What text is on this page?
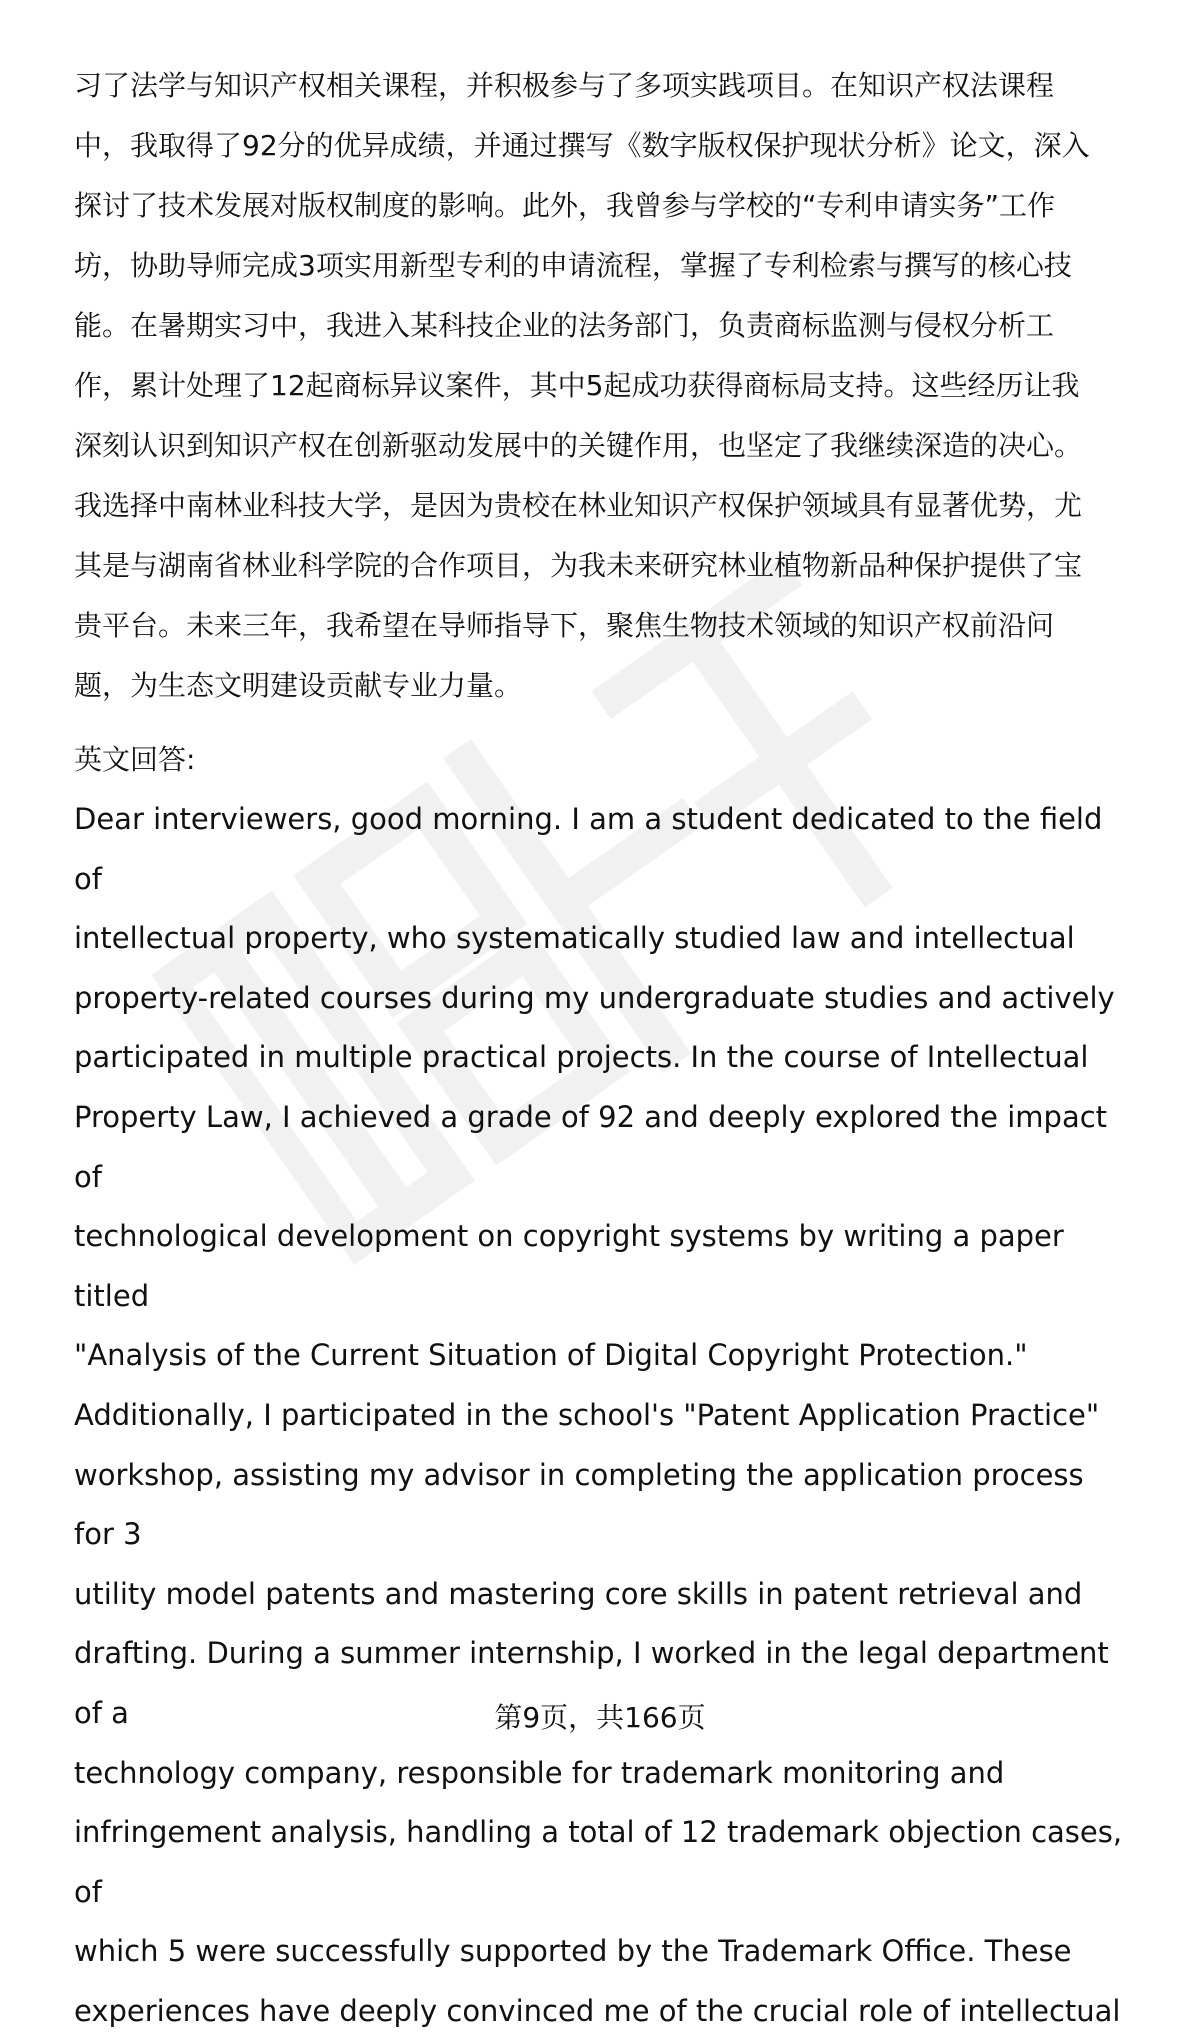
习了法学与知识产权相关课程，并积极参与了多项实践项目。在知识产权法课程
中，我取得了92分的优异成绩，并通过撰写《数字版权保护现状分析》论文，深入
探讨了技术发展对版权制度的影响。此外，我曾参与学校的“专利申请实务”工作
坊，协助导师完成3项实用新型专利的申请流程，掌握了专利检索与撰写的核心技
能。在暑期实习中，我进入某科技企业的法务部门，负责商标监测与侵权分析工
作，累计处理了12起商标异议案件，其中5起成功获得商标局支持。这些经历让我
深刻认识到知识产权在创新驱动发展中的关键作用，也坚定了我继续深造的决心。
我选择中南林业科技大学，是因为贵校在林业知识产权保护领域具有显著优势，尤
其是与湖南省林业科学院的合作项目，为我未来研究林业植物新品种保护提供了宝
贵平台。未来三年，我希望在导师指导下，聚焦生物技术领域的知识产权前沿问
题，为生态文明建设贡献专业力量。

英文回答:

Dear interviewers, good morning. I am a student dedicated to the field of
intellectual property, who systematically studied law and intellectual
property-related courses during my undergraduate studies and actively
participated in multiple practical projects. In the course of Intellectual
Property Law, I achieved a grade of 92 and deeply explored the impact of
technological development on copyright systems by writing a paper titled
"Analysis of the Current Situation of Digital Copyright Protection."
Additionally, I participated in the school's "Patent Application Practice"
workshop, assisting my advisor in completing the application process for 3
utility model patents and mastering core skills in patent retrieval and
drafting. During a summer internship, I worked in the legal department of a
technology company, responsible for trademark monitoring and
infringement analysis, handling a total of 12 trademark objection cases, of
which 5 were successfully supported by the Trademark Office. These
experiences have deeply convinced me of the crucial role of intellectual

第9页，共166页
